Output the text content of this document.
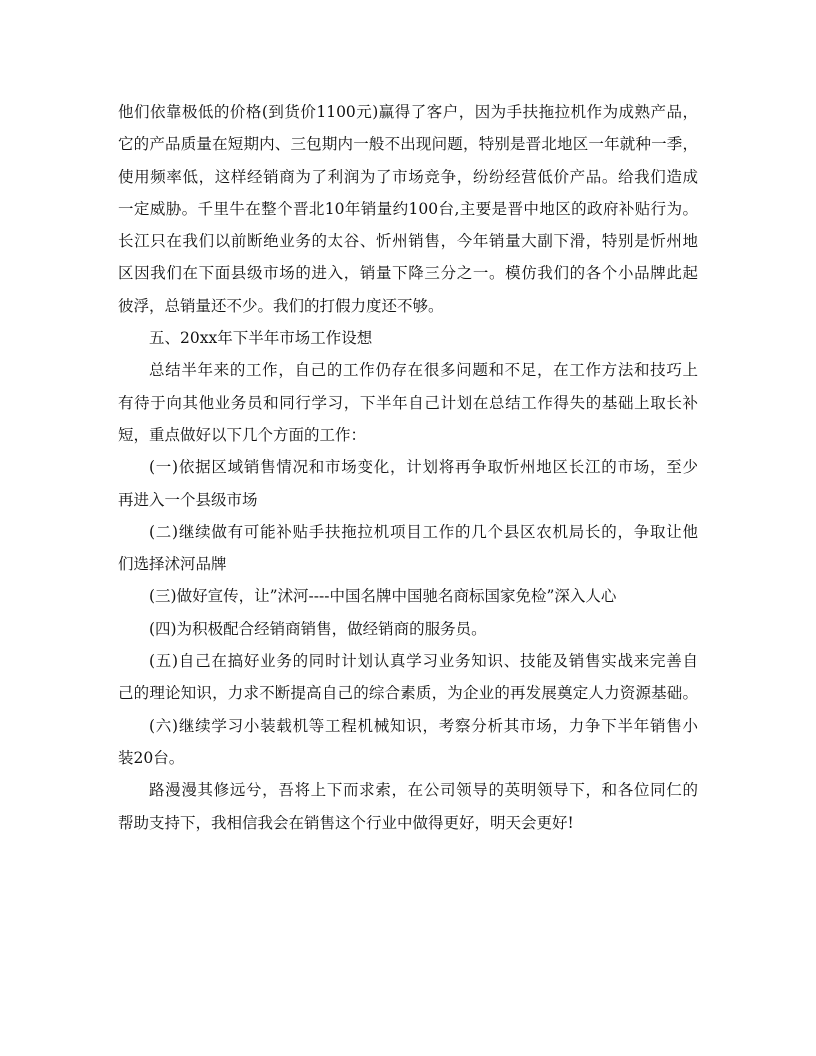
他们依靠极低的价格(到货价1100元)赢得了客户，因为手扶拖拉机作为成熟产品，
它的产品质量在短期内、三包期内一般不出现问题，特别是晋北地区一年就种一季，
使用频率低，这样经销商为了利润为了市场竞争，纷纷经营低价产品。给我们造成
一定威胁。千里牛在整个晋北10年销量约100台,主要是晋中地区的政府补贴行为。
长江只在我们以前断绝业务的太谷、忻州销售，今年销量大副下滑，特别是忻州地
区因我们在下面县级市场的进入，销量下降三分之一。模仿我们的各个小品牌此起
彼浮，总销量还不少。我们的打假力度还不够。
五、20xx年下半年市场工作设想
总结半年来的工作，自己的工作仍存在很多问题和不足，在工作方法和技巧上
有待于向其他业务员和同行学习，下半年自己计划在总结工作得失的基础上取长补
短，重点做好以下几个方面的工作：
(一)依据区域销售情况和市场变化，计划将再争取忻州地区长江的市场，至少
再进入一个县级市场
(二)继续做有可能补贴手扶拖拉机项目工作的几个县区农机局长的，争取让他
们选择沭河品牌
(三)做好宣传，让”沭河----中国名牌中国驰名商标国家免检”深入人心
(四)为积极配合经销商销售，做经销商的服务员。
(五)自己在搞好业务的同时计划认真学习业务知识、技能及销售实战来完善自
己的理论知识，力求不断提高自己的综合素质，为企业的再发展奠定人力资源基础。
(六)继续学习小装载机等工程机械知识，考察分析其市场，力争下半年销售小
装20台。
路漫漫其修远兮，吾将上下而求索，在公司领导的英明领导下，和各位同仁的
帮助支持下，我相信我会在销售这个行业中做得更好，明天会更好!
